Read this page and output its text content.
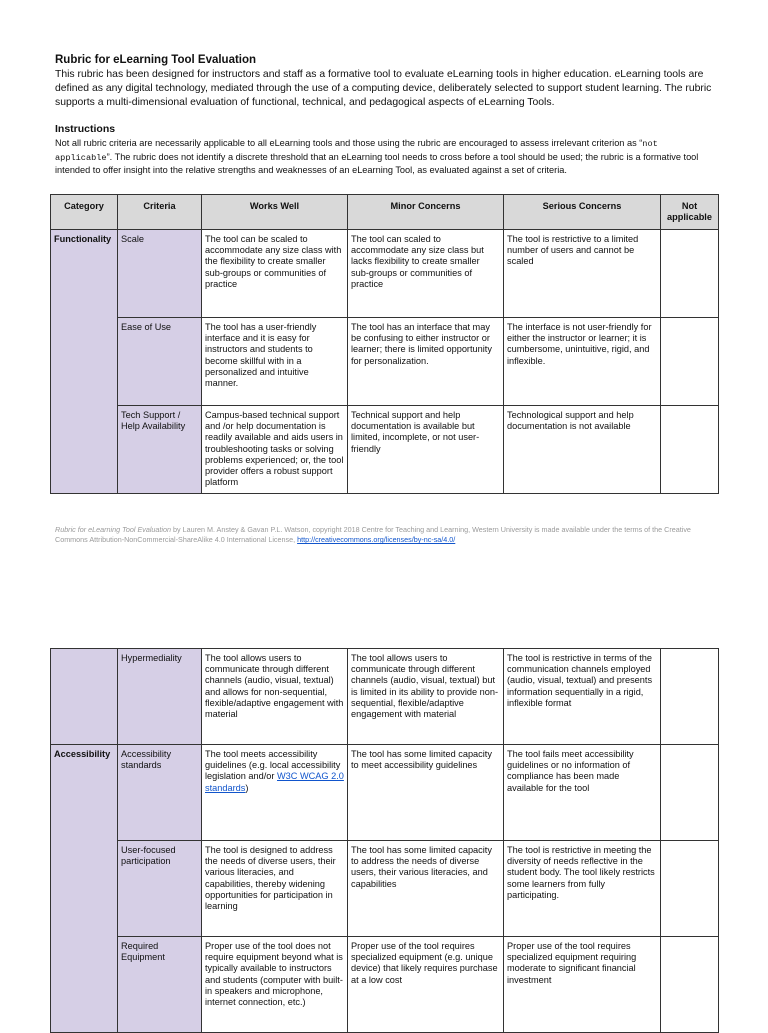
Rubric for eLearning Tool Evaluation

This rubric has been designed for instructors and staff as a formative tool to evaluate eLearning tools in higher education. eLearning tools are defined as any digital technology, mediated through the use of a computing device, deliberately selected to support student learning. The rubric supports a multi-dimensional evaluation of functional, technical, and pedagogical aspects of eLearning Tools.

Instructions

Not all rubric criteria are necessarily applicable to all eLearning tools and those using the rubric are encouraged to assess irrelevant criterion as “not applicable”. The rubric does not identify a discrete threshold that an eLearning tool needs to cross before a tool should be used; the rubric is a formative tool intended to offer insight into the relative strengths and weaknesses of an eLearning Tool, as evaluated against a set of criteria.

Category	Criteria	Works Well	Minor Concerns	Serious Concerns	Not applicable
Functionality	Scale	The tool can be scaled to accommodate any size class with the flexibility to create smaller sub-groups or communities of practice	The tool can scaled to accommodate any size class but lacks flexibility to create smaller sub-groups or communities of practice	The tool is restrictive to a limited number of users and cannot be scaled	
	Ease of Use	The tool has a user-friendly interface and it is easy for instructors and students to become skillful with in a personalized and intuitive manner.	The tool has an interface that may be confusing to either instructor or learner; there is limited opportunity for personalization.	The interface is not user-friendly for either the instructor or learner; it is cumbersome, unintuitive, rigid, and inflexible.	
	Tech Support / Help Availability	Campus-based technical support and /or help documentation is readily available and aids users in troubleshooting tasks or solving problems experienced; or, the tool provider offers a robust support platform	Technical support and help documentation is available but limited, incomplete, or not user-friendly	Technological support and help documentation is not available	
Rubric for eLearning Tool Evaluation by Lauren M. Anstey & Gavan P.L. Watson, copyright 2018 Centre for Teaching and Learning, Western University is made available under the terms of the Creative Commons Attribution-NonCommercial-ShareAlike 4.0 International License, http://creativecommons.org/licenses/by-nc-sa/4.0/
	Hypermediality	The tool allows users to communicate through different channels (audio, visual, textual) and allows for non-sequential, flexible/adaptive engagement with material	The tool allows users to communicate through different channels (audio, visual, textual) but is limited in its ability to provide non-sequential, flexible/adaptive engagement with material	The tool is restrictive in terms of the communication channels employed (audio, visual, textual) and presents information sequentially in a rigid, inflexible format	
Accessibility	Accessibility standards	The tool meets accessibility guidelines (e.g. local accessibility legislation and/or W3C WCAG 2.0 standards)	The tool has some limited capacity to meet accessibility guidelines	The tool fails meet accessibility guidelines or no information of compliance has been made available for the tool	
	User-focused participation	The tool is designed to address the needs of diverse users, their various literacies, and capabilities, thereby widening opportunities for participation in learning	The tool has some limited capacity to address the needs of diverse users, their various literacies, and capabilities	The tool is restrictive in meeting the diversity of needs reflective in the student body. The tool likely restricts some learners from fully participating.	
	Required Equipment	Proper use of the tool does not require equipment beyond what is typically available to instructors and students (computer with built-in speakers and microphone, internet connection, etc.)	Proper use of the tool requires specialized equipment (e.g. unique device) that likely requires purchase at a low cost	Proper use of the tool requires specialized equipment requiring moderate to significant financial investment	
